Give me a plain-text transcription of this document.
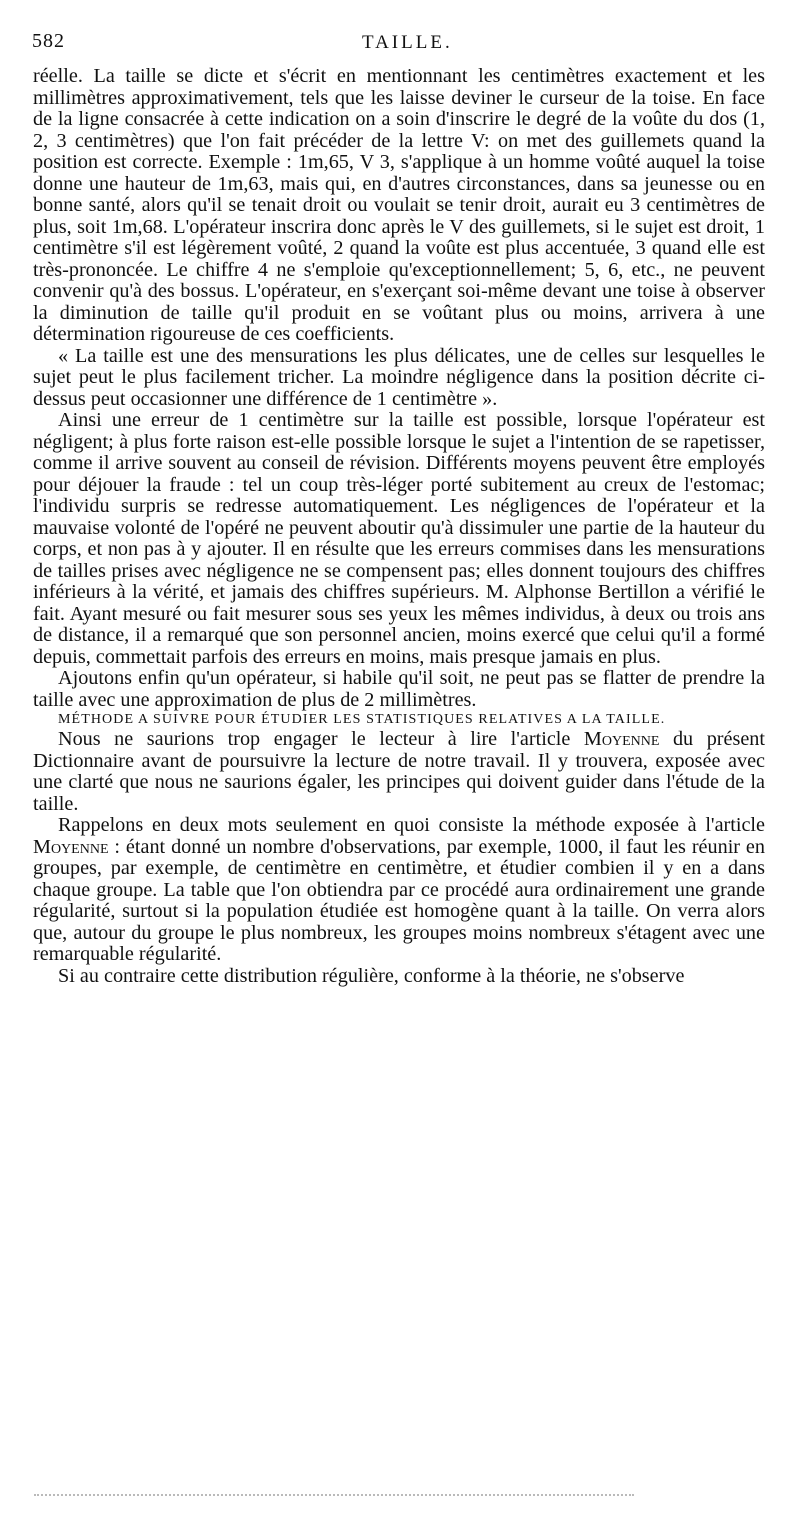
582	TAILLE.

réelle. La taille se dicte et s'écrit en mentionnant les centimètres exactement et les millimètres approximativement, tels que les laisse deviner le curseur de la toise. En face de la ligne consacrée à cette indication on a soin d'inscrire le degré de la voûte du dos (1, 2, 3 centimètres) que l'on fait précéder de la lettre V: on met des guillemets quand la position est correcte. Exemple : 1m,65, V 3, s'applique à un homme voûté auquel la toise donne une hauteur de 1m,63, mais qui, en d'autres circonstances, dans sa jeunesse ou en bonne santé, alors qu'il se tenait droit ou voulait se tenir droit, aurait eu 3 centimètres de plus, soit 1m,68. L'opérateur inscrira donc après le V des guillemets, si le sujet est droit, 1 centimètre s'il est légèrement voûté, 2 quand la voûte est plus accentuée, 3 quand elle est très-prononcée. Le chiffre 4 ne s'emploie qu'exceptionnellement; 5, 6, etc., ne peuvent convenir qu'à des bossus. L'opérateur, en s'exerçant soi-même devant une toise à observer la diminution de taille qu'il produit en se voûtant plus ou moins, arrivera à une détermination rigoureuse de ces coefficients.

« La taille est une des mensurations les plus délicates, une de celles sur lesquelles le sujet peut le plus facilement tricher. La moindre négligence dans la position décrite ci-dessus peut occasionner une différence de 1 centimètre ».

Ainsi une erreur de 1 centimètre sur la taille est possible, lorsque l'opérateur est négligent; à plus forte raison est-elle possible lorsque le sujet a l'intention de se rapetisser, comme il arrive souvent au conseil de révision. Différents moyens peuvent être employés pour déjouer la fraude : tel un coup très-léger porté subitement au creux de l'estomac; l'individu surpris se redresse automatiquement. Les négligences de l'opérateur et la mauvaise volonté de l'opéré ne peuvent aboutir qu'à dissimuler une partie de la hauteur du corps, et non pas à y ajouter. Il en résulte que les erreurs commises dans les mensurations de tailles prises avec négligence ne se compensent pas; elles donnent toujours des chiffres inférieurs à la vérité, et jamais des chiffres supérieurs. M. Alphonse Bertillon a vérifié le fait. Ayant mesuré ou fait mesurer sous ses yeux les mêmes individus, à deux ou trois ans de distance, il a remarqué que son personnel ancien, moins exercé que celui qu'il a formé depuis, commettait parfois des erreurs en moins, mais presque jamais en plus.

Ajoutons enfin qu'un opérateur, si habile qu'il soit, ne peut pas se flatter de prendre la taille avec une approximation de plus de 2 millimètres.

MÉTHODE A SUIVRE POUR ÉTUDIER LES STATISTIQUES RELATIVES A LA TAILLE.

Nous ne saurions trop engager le lecteur à lire l'article Moyenne du présent Dictionnaire avant de poursuivre la lecture de notre travail. Il y trouvera, exposée avec une clarté que nous ne saurions égaler, les principes qui doivent guider dans l'étude de la taille.

Rappelons en deux mots seulement en quoi consiste la méthode exposée à l'article Moyenne : étant donné un nombre d'observations, par exemple, 1000, il faut les réunir en groupes, par exemple, de centimètre en centimètre, et étudier combien il y en a dans chaque groupe. La table que l'on obtiendra par ce procédé aura ordinairement une grande régularité, surtout si la population étudiée est homogène quant à la taille. On verra alors que, autour du groupe le plus nombreux, les groupes moins nombreux s'étagent avec une remarquable régularité.

Si au contraire cette distribution régulière, conforme à la théorie, ne s'observe
